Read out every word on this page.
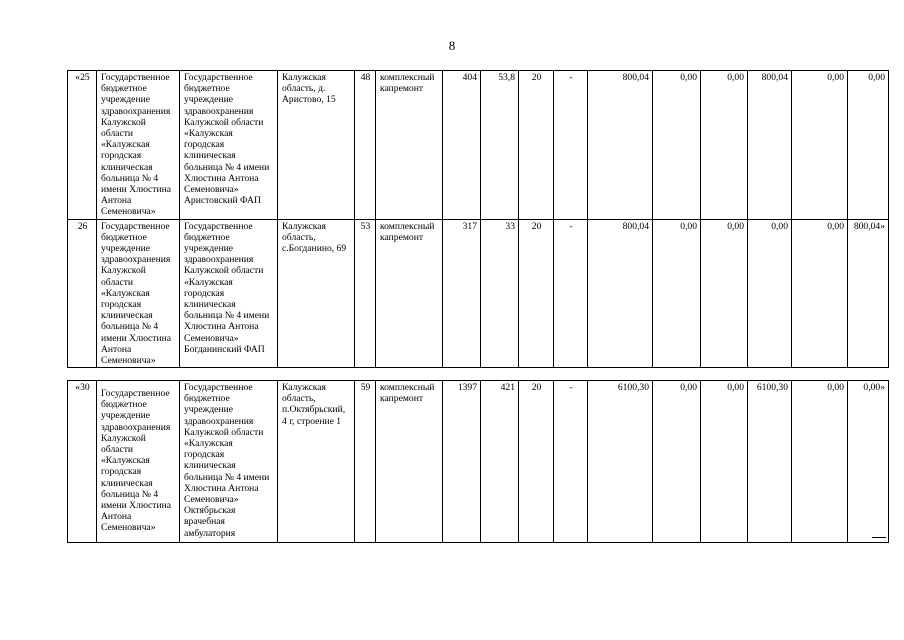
8
«25	Государственное бюджетное учреждение здравоохранения Калужской области «Калужская городская клиническая больница № 4 имени Хлюстина Антона Семеновича»	Государственное бюджетное учреждение здравоохранения Калужской области «Калужская городская клиническая больница № 4 имени Хлюстина Антона Семеновича» Аристовский ФАП	Калужская область, д. Аристово, 15	48	комплексный капремонт	404	53,8	20	-	800,04	0,00	0,00	800,04	0,00	0,00
26	Государственное бюджетное учреждение здравоохранения Калужской области «Калужская городская клиническая больница № 4 имени Хлюстина Антона Семеновича»	Государственное бюджетное учреждение здравоохранения Калужской области «Калужская городская клиническая больница № 4 имени Хлюстина Антона Семеновича» Богданинский ФАП	Калужская область, с.Богданино, 69	53	комплексный капремонт	317	33	20	-	800,04	0,00	0,00	0,00	0,00	800,04»
«30	Государственное бюджетное учреждение здравоохранения Калужской области «Калужская городская клиническая больница № 4 имени Хлюстина Антона Семеновича»	Государственное бюджетное учреждение здравоохранения Калужской области «Калужская городская клиническая больница № 4 имени Хлюстина Антона Семеновича» Октябрьская врачебная амбулатория	Калужская область, п.Октябрьский, 4 г, строение 1	59	комплексный капремонт	1397	421	20	-	6100,30	0,00	0,00	6100,30	0,00	0,00»
